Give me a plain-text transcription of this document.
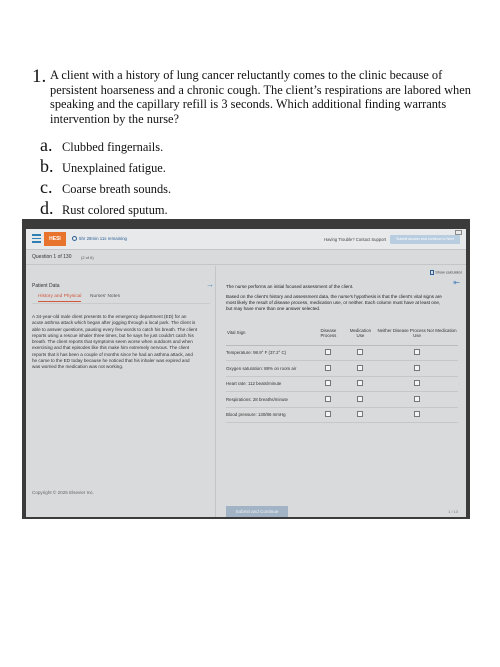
1. A client with a history of lung cancer reluctantly comes to the clinic because of persistent hoarseness and a chronic cough. The client’s respirations are labored when speaking and the capillary refill is 3 seconds. Which additional finding warrants intervention by the nurse?
a. Clubbed fingernails.
b. Unexplained fatigue.
c. Coarse breath sounds.
d. Rust colored sputum.
HESI	5hr 28min 11s remaining	Having Trouble? Contact Support	Submit answer and continue to Next
Question 1 of 130 (2 of 6)
Patient Data	→
History and Physical Nurses' Notes
A 34-year-old male client presents to the emergency department (ED) for an acute asthma attack which began after jogging through a local park. The client is able to answer questions, pausing every few words to catch his breath. The client reports using a rescue inhaler three times, but he says he just couldn't catch his breath. The client reports that symptoms seem worse when outdoors and when exercising and that episodes like this make him extremely nervous. The client reports that it has been a couple of months since he had an asthma attack, and he came to the ED today because he noticed that his inhaler was expired and was worried the medication was not working.
Copyright © 2025 Elsevier Inc.
Show calculator
⇤
The nurse performs an initial focused assessment of the client.
Based on the client's history and assessment data, the nurse's hypothesis is that the client's vital signs are most likely the result of disease process, medication use, or neither. Each column must have at least one, but may have more than one answer selected.
Vital Sign	Disease Process	Medication Use	Neither Disease Process Nor Medication Use
Temperature: 98.9° F (37.2° C)			
Oxygen saturation: 88% on room air			
Heart rate: 112 beats/minute			
Respirations: 28 breaths/minute			
Blood pressure: 130/86 mmHg			
Submit and Continue	1 / 13
